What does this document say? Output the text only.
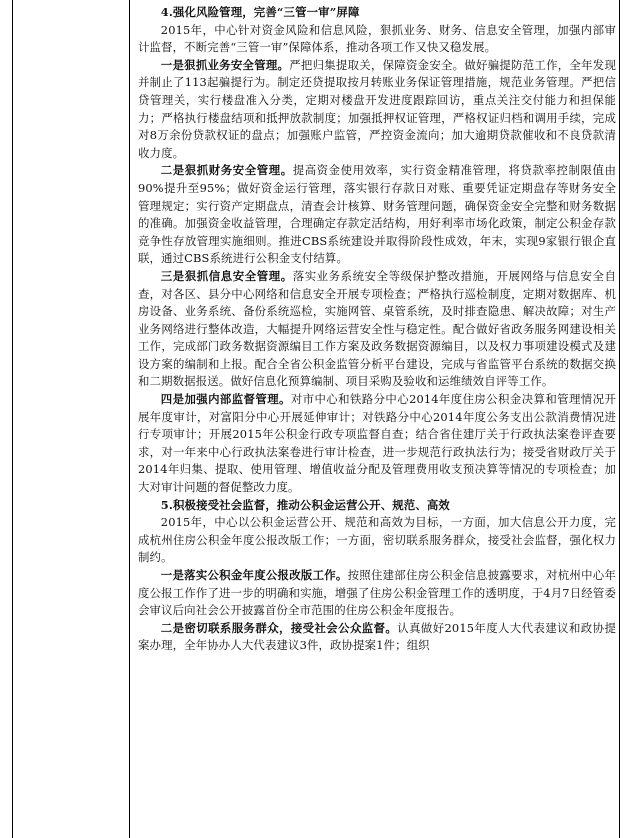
4.强化风险管理，完善“三管一审”屏障

2015年，中心针对资金风险和信息风险，狠抓业务、财务、信息安全管理，加强内部审计监督，不断完善“三管一审”保障体系，推动各项工作又快又稳发展。

一是狠抓业务安全管理。严把归集提取关，保障资金安全。做好骗提防范工作，全年发现并制止了113起骗提行为。制定还贷提取按月转账业务保证管理措施，规范业务管理。严把信贷管理关，实行楼盘准入分类，定期对楼盘开发进度跟踪回访，重点关注交付能力和担保能力；严格执行楼盘结项和抵押放款制度；加强抵押权证管理，严格权证归档和调用手续，完成对8万余份贷款权证的盘点；加强账户监管，严控资金流向；加大逾期贷款催收和不良贷款清收力度。

二是狠抓财务安全管理。提高资金使用效率，实行资金精准管理，将贷款率控制限值由90%提升至95%；做好资金运行管理，落实银行存款日对账、重要凭证定期盘存等财务安全管理规定；实行资产定期盘点，清查会计核算、财务管理问题，确保资金安全完整和财务数据的准确。加强资金收益管理，合理确定存款定活结构，用好利率市场化政策，制定公积金存款竞争性存放管理实施细则。推进CBS系统建设并取得阶段性成效，年末，实现9家银行银企直联，通过CBS系统进行公积金支付结算。

三是狠抓信息安全管理。落实业务系统安全等级保护整改措施，开展网络与信息安全自查，对各区、县分中心网络和信息安全开展专项检查；严格执行巡检制度，定期对数据库、机房设备、业务系统、备份系统巡检，实施网管、桌管系统，及时排查隐患、解决故障；对生产业务网络进行整体改造，大幅提升网络运营安全性与稳定性。配合做好省政务服务网建设相关工作，完成部门政务数据资源编目工作方案及政务数据资源编目，以及权力事项建设模式及建设方案的编制和上报。配合全省公积金监管分析平台建设，完成与省监管平台系统的数据交换和二期数据报送。做好信息化预算编制、项目采购及验收和运维绩效自评等工作。

四是加强内部监督管理。对市中心和铁路分中心2014年度住房公积金决算和管理情况开展年度审计，对富阳分中心开展延伸审计；对铁路分中心2014年度公务支出公款消费情况进行专项审计；开展2015年公积金行政专项监督自查；结合省住建厅关于行政执法案卷评查要求，对一年来中心行政执法案卷进行审计检查，进一步规范行政执法行为；接受省财政厅关于2014年归集、提取、使用管理、增值收益分配及管理费用收支预决算等情况的专项检查；加大对审计问题的督促整改力度。

5.积极接受社会监督，推动公积金运营公开、规范、高效

2015年，中心以公积金运营公开、规范和高效为目标，一方面，加大信息公开力度，完成杭州住房公积金年度公报改版工作；一方面，密切联系服务群众，接受社会监督，强化权力制约。

一是落实公积金年度公报改版工作。按照住建部住房公积金信息披露要求，对杭州中心年度公报工作作了进一步的明确和实施，增强了住房公积金管理工作的透明度，于4月7日经管委会审议后向社会公开披露首份全市范围的住房公积金年度报告。

二是密切联系服务群众，接受社会公众监督。认真做好2015年度人大代表建议和政协提案办理，全年协办人大代表建议3件，政协提案1件；组织
